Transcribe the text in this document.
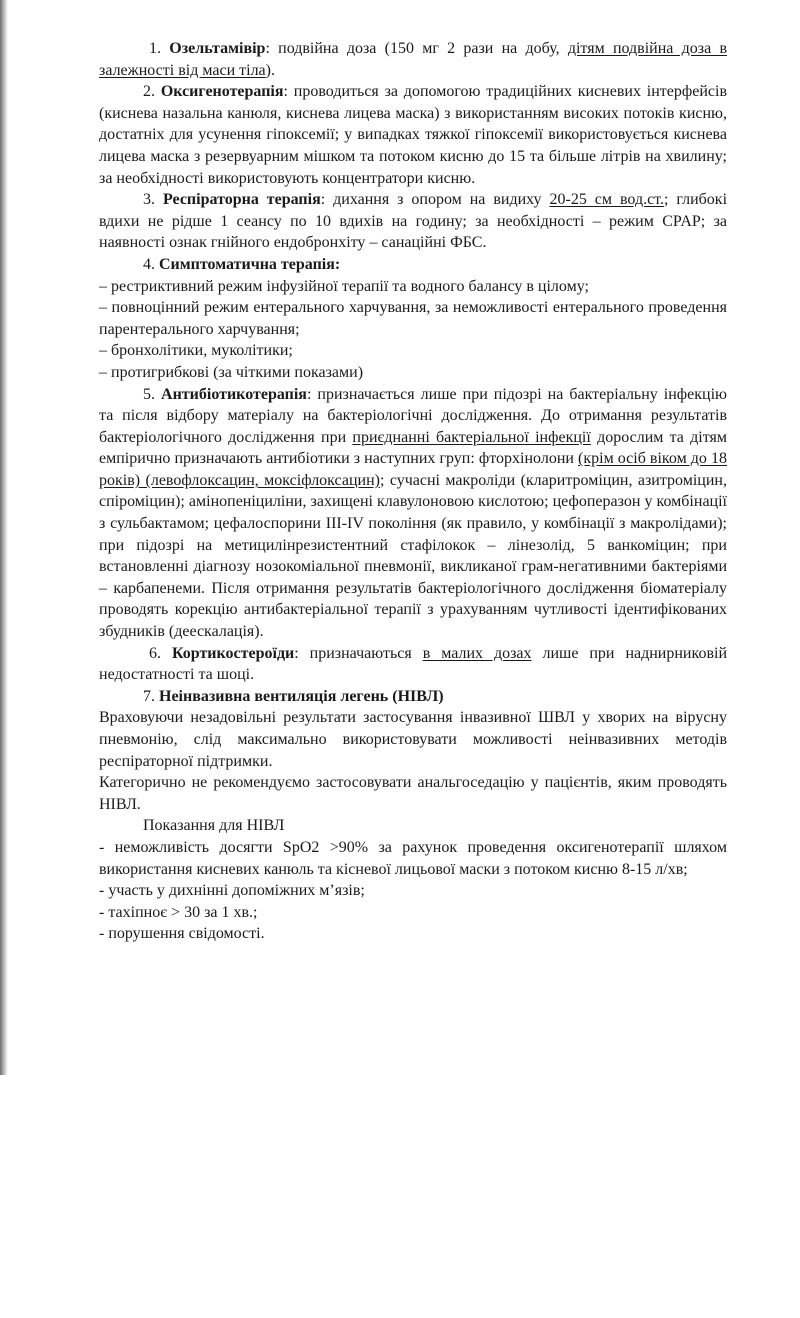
1. Озельтамівір: подвійна доза (150 мг 2 рази на добу, дітям подвійна доза в залежності від маси тіла).

2. Оксигенотерапія: проводиться за допомогою традиційних кисневих інтерфейсів (киснева назальна канюля, киснева лицева маска) з використанням високих потоків кисню, достатніх для усунення гіпоксемії; у випадках тяжкої гіпоксемії використовується киснева лицева маска з резервуарним мішком та потоком кисню до 15 та більше літрів на хвилину; за необхідності використовують концентратори кисню.

3. Респіраторна терапія: дихання з опором на видиху 20-25 см вод.ст.; глибокі вдихи не рідше 1 сеансу по 10 вдихів на годину; за необхідності – режим CPAP; за наявності ознак гнійного ендобронхіту – санаційні ФБС.

4. Симптоматична терапія:

– рестриктивний режим інфузійної терапії та водного балансу в цілому;

– повноцінний режим ентерального харчування, за неможливості ентерального проведення парентерального харчування;

– бронхолітики, муколітики;

– протигрибкові (за чіткими показами)

5. Антибіотикотерапія: призначається лише при підозрі на бактеріальну інфекцію та після відбору матеріалу на бактеріологічні дослідження. До отримання результатів бактеріологічного дослідження при приєднанні бактеріальної інфекції дорослим та дітям емпірично призначають антибіотики з наступних груп: фторхінолони (крім осіб віком до 18 років) (левофлоксацин, моксіфлоксацин); сучасні макроліди (кларитроміцин, азитроміцин, спіроміцин); амінопеніциліни, захищені клавулоновою кислотою; цефоперазон у комбінації з сульбактамом; цефалоспорини III-IV покоління (як правило, у комбінації з макролідами); при підозрі на метицилінрезистентний стафілокок – лінезолід, 5 ванкоміцин; при встановленні діагнозу нозокоміальної пневмонії, викликаної грам-негативними бактеріями – карбапенеми. Після отримання результатів бактеріологічного дослідження біоматеріалу проводять корекцію антибактеріальної терапії з урахуванням чутливості ідентифікованих збудників (деескалація).

6. Кортикостероїди: призначаються в малих дозах лише при наднирниковій недостатності та шоці.

7. Неінвазивна вентиляція легень (НІВЛ)

Враховуючи незадовільні результати застосування інвазивної ШВЛ у хворих на вірусну пневмонію, слід максимально використовувати можливості неінвазивних методів респіраторної підтримки.

Категорично не рекомендуємо застосовувати анальгоседацію у пацієнтів, яким проводять НІВЛ.

Показання для НІВЛ

- неможливість досягти SpO2 >90% за рахунок проведення оксигенотерапії шляхом використання кисневих канюль та кісневої лицьової маски з потоком кисню 8-15 л/хв;

- участь у дихнінні допоміжних м’язів;

- тахіпноє > 30 за 1 хв.;

- порушення свідомості.
